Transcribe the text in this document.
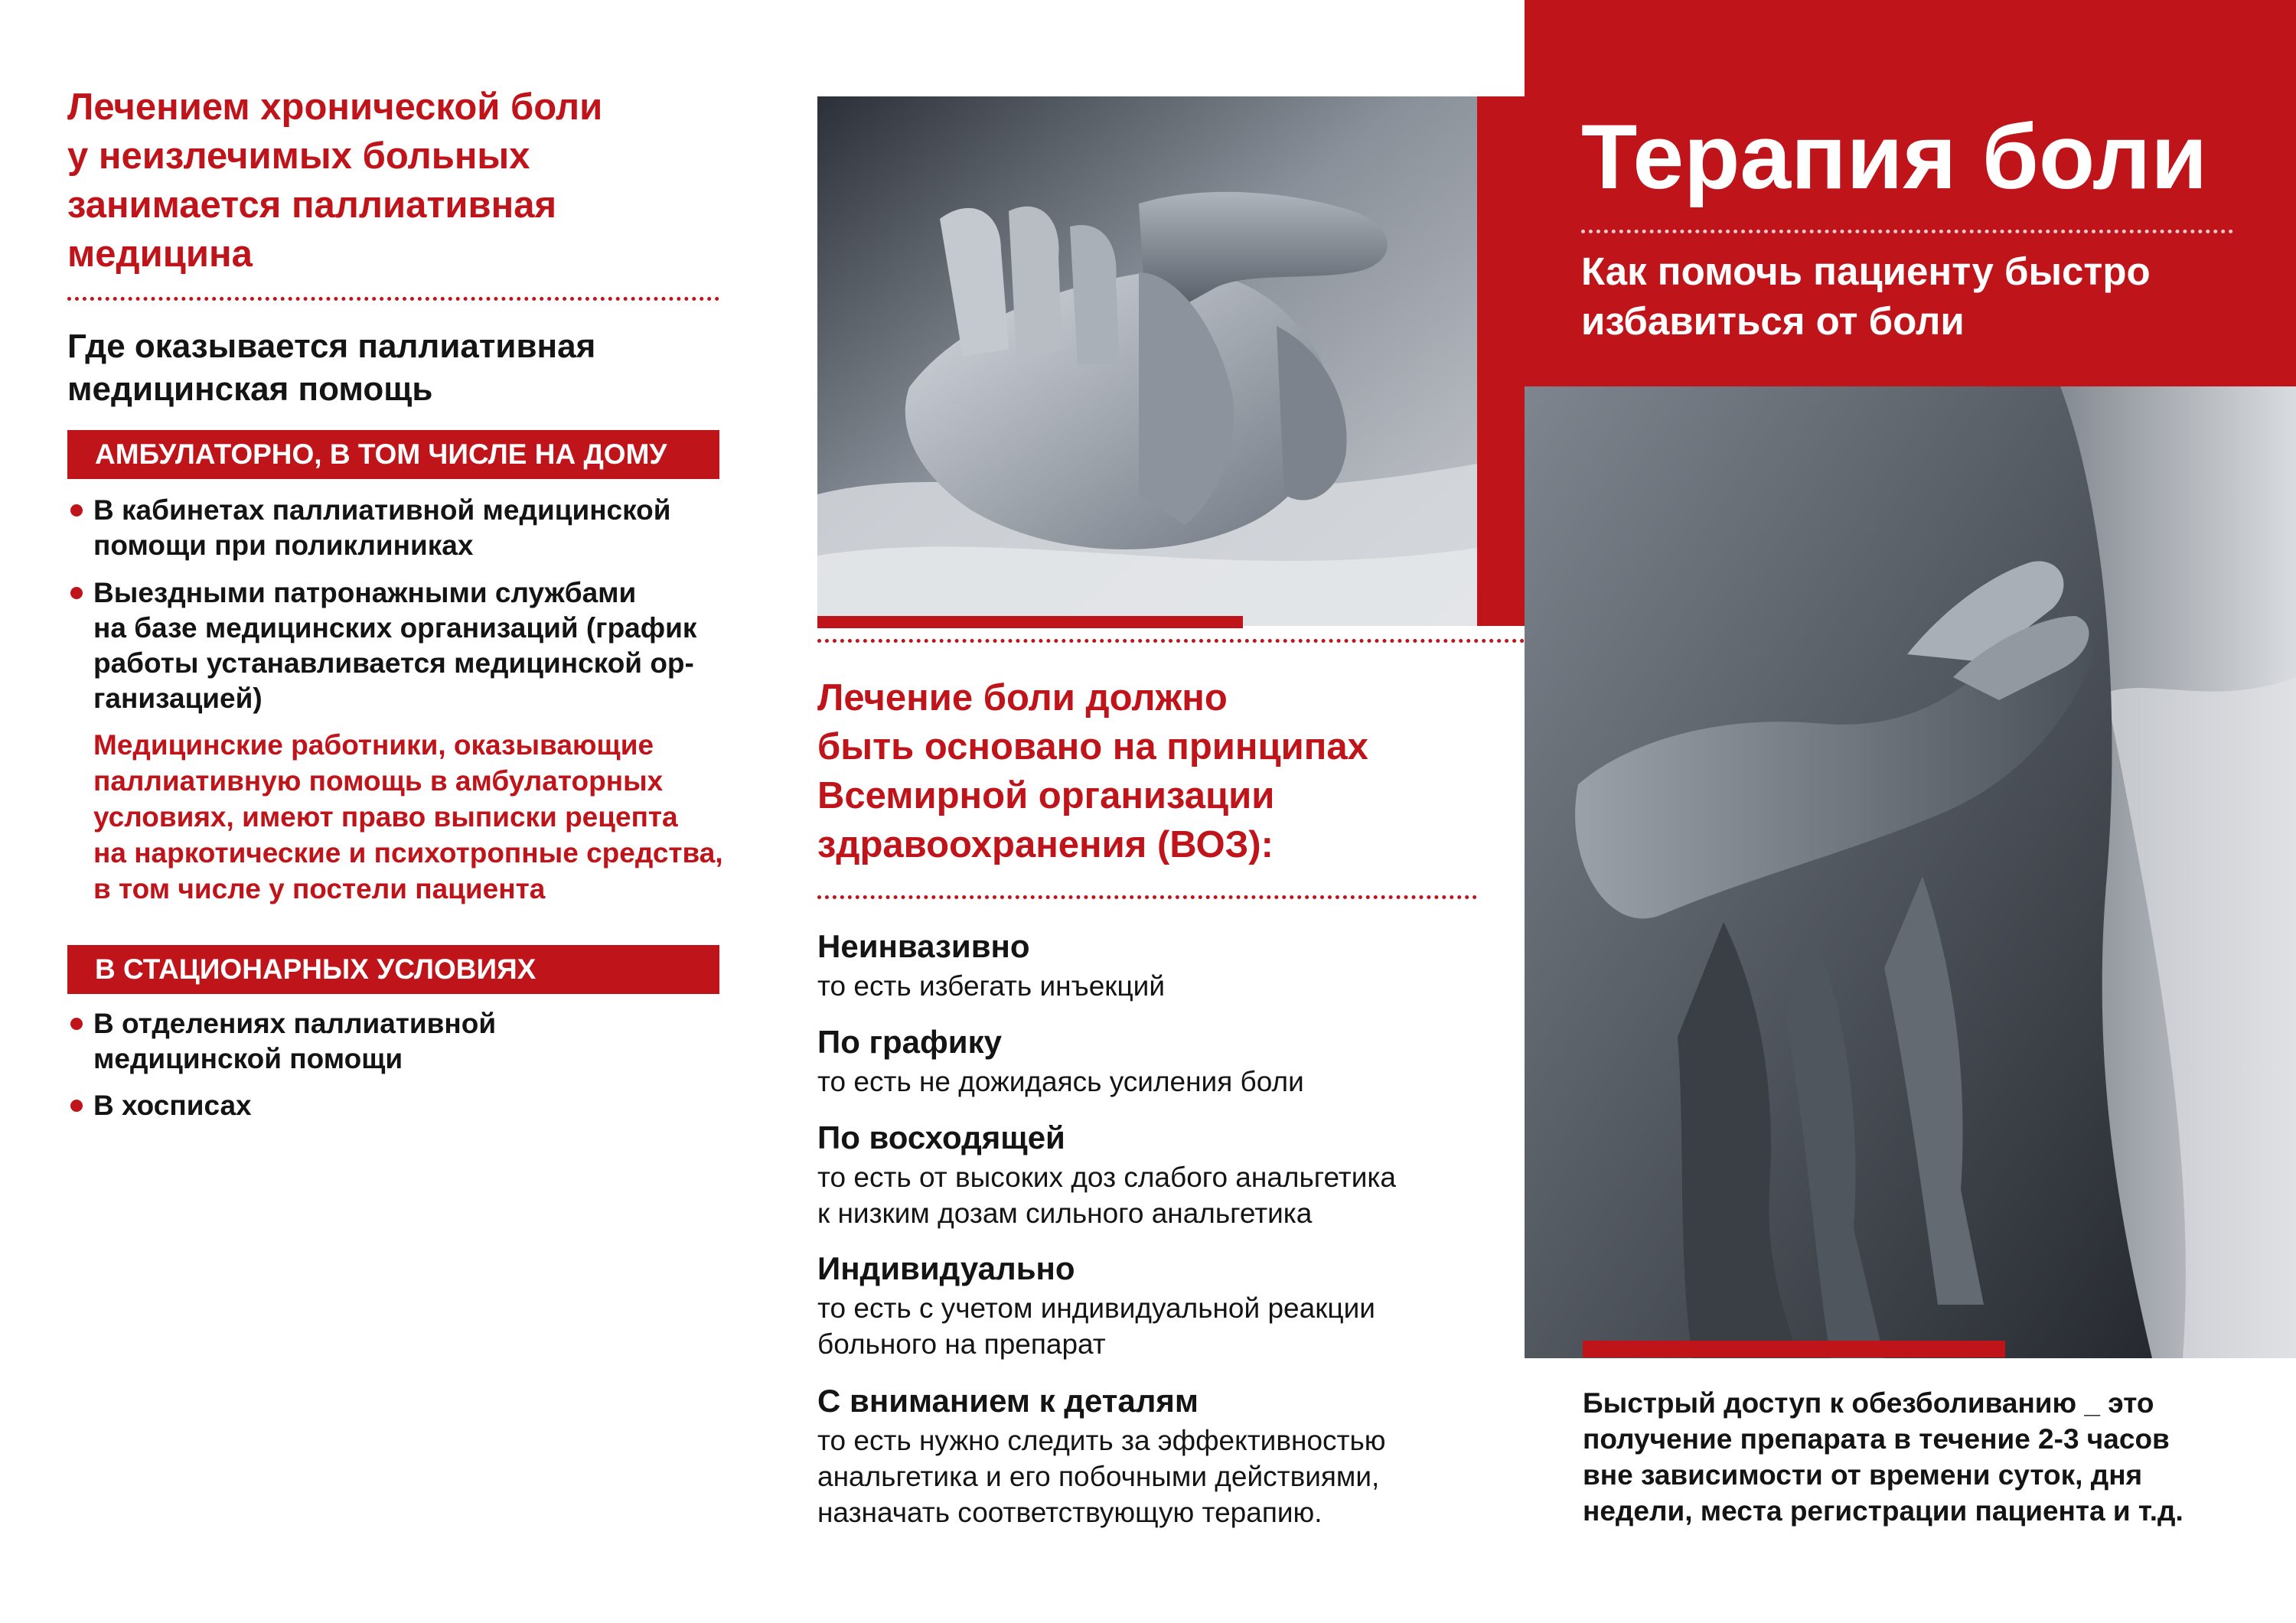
Лечением хронической боли
у неизлечимых больных
занимается паллиативная
медицина
Где оказывается паллиативная
медицинская помощь
АМБУЛАТОРНО, В ТОМ ЧИСЛЕ НА ДОМУ
В кабинетах паллиативной медицинской
помощи при поликлиниках
Выездными патронажными службами
на базе медицинских организаций (график
работы устанавливается медицинской ор-
ганизацией)
Медицинские работники, оказывающие
паллиативную помощь в амбулаторных
условиях, имеют право выписки рецепта
на наркотические и психотропные средства,
в том числе у постели пациента
В СТАЦИОНАРНЫХ УСЛОВИЯХ
В отделениях паллиативной
медицинской помощи
В хосписах
Лечение боли должно
быть основано на принципах
Всемирной организации
здравоохранения (ВОЗ):
Неинвазивно
то есть избегать инъекций
По графику
то есть не дожидаясь усиления боли
По восходящей
то есть от высоких доз слабого анальгетика
к низким дозам сильного анальгетика
Индивидуально
то есть с учетом индивидуальной реакции
больного на препарат
С вниманием к деталям
то есть нужно следить за эффективностью
анальгетика и его побочными действиями,
назначать соответствующую терапию.
Терапия боли
Как помочь пациенту быстро
избавиться от боли
Быстрый доступ к обезболиванию _ это
получение препарата в течение 2-3 часов
вне зависимости от времени суток, дня
недели, места регистрации пациента и т.д.
